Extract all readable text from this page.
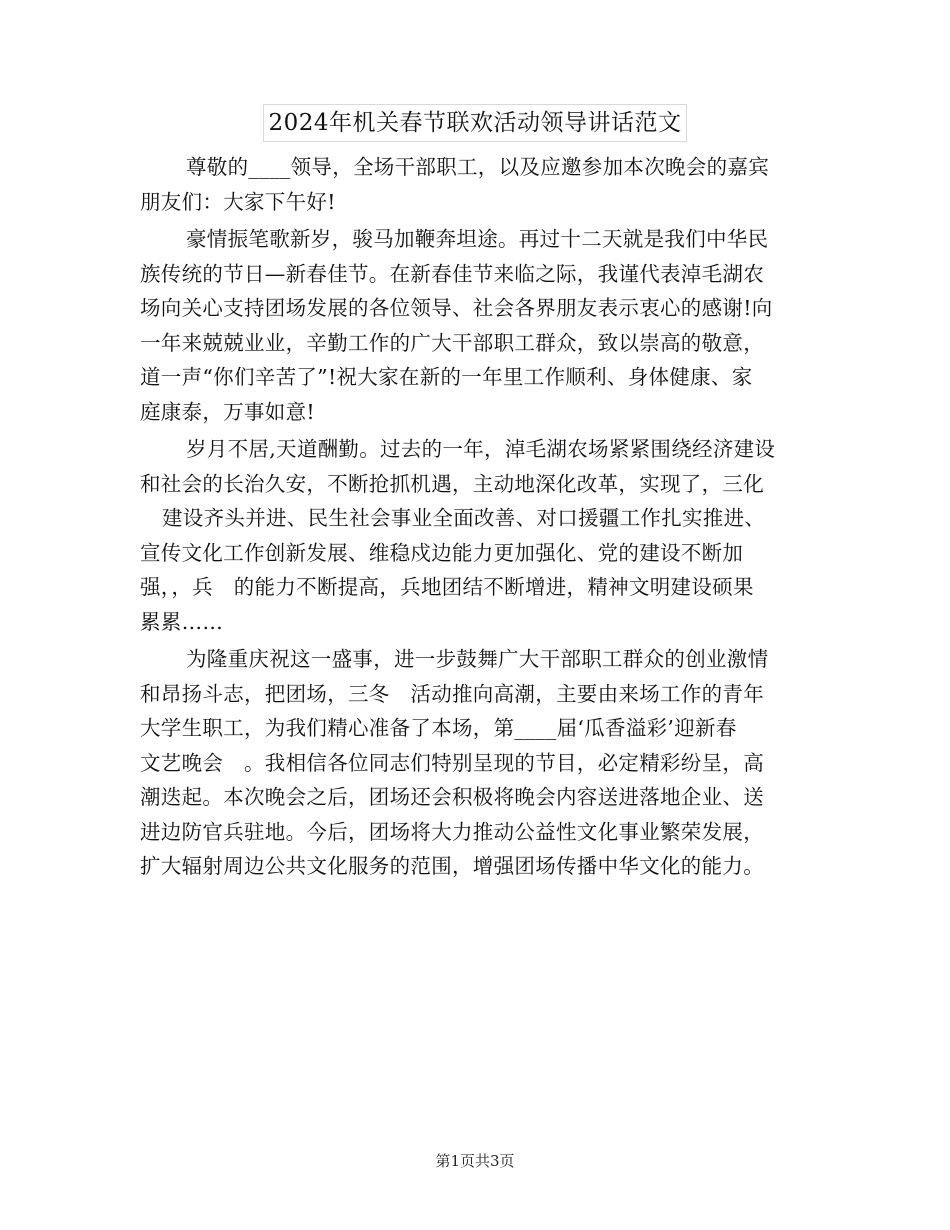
2024年机关春节联欢活动领导讲话范文
尊敬的____领导，全场干部职工，以及应邀参加本次晚会的嘉宾
朋友们：大家下午好!
豪情振笔歌新岁，骏马加鞭奔坦途。再过十二天就是我们中华民
族传统的节日—新春佳节。在新春佳节来临之际，我谨代表淖毛湖农
场向关心支持团场发展的各位领导、社会各界朋友表示衷心的感谢!向
一年来兢兢业业，辛勤工作的广大干部职工群众，致以崇高的敬意，
道一声“你们辛苦了”!祝大家在新的一年里工作顺利、身体健康、家
庭康泰，万事如意!
岁月不居,天道酬勤。过去的一年，淖毛湖农场紧紧围绕经济建设
和社会的长治久安，不断抢抓机遇，主动地深化改革，实现了，三化
建设齐头并进、民生社会事业全面改善、对口援疆工作扎实推进、
宣传文化工作创新发展、维稳戍边能力更加强化、党的建设不断加
强，，兵　的能力不断提高，兵地团结不断增进，精神文明建设硕果
累累……
为隆重庆祝这一盛事，进一步鼓舞广大干部职工群众的创业激情
和昂扬斗志，把团场，三冬　活动推向高潮，主要由来场工作的青年
大学生职工，为我们精心准备了本场，第____届‘瓜香溢彩’迎新春
文艺晚会　。我相信各位同志们特别呈现的节目，必定精彩纷呈，高
潮迭起。本次晚会之后，团场还会积极将晚会内容送进落地企业、送
进边防官兵驻地。今后，团场将大力推动公益性文化事业繁荣发展，
扩大辐射周边公共文化服务的范围，增强团场传播中华文化的能力。
第1页共3页
